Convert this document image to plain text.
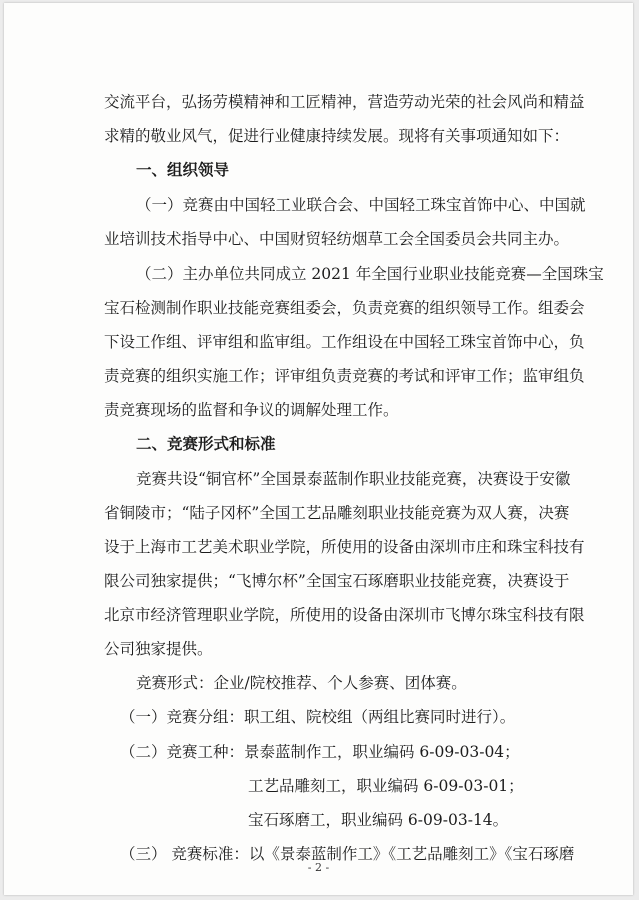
交流平台，弘扬劳模精神和工匠精神，营造劳动光荣的社会风尚和精益
求精的敬业风气，促进行业健康持续发展。现将有关事项通知如下：
一、组织领导
（一）竞赛由中国轻工业联合会、中国轻工珠宝首饰中心、中国就
业培训技术指导中心、中国财贸轻纺烟草工会全国委员会共同主办。
（二）主办单位共同成立 2021 年全国行业职业技能竞赛—全国珠宝
宝石检测制作职业技能竞赛组委会，负责竞赛的组织领导工作。组委会
下设工作组、评审组和监审组。工作组设在中国轻工珠宝首饰中心，负
责竞赛的组织实施工作；评审组负责竞赛的考试和评审工作；监审组负
责竞赛现场的监督和争议的调解处理工作。
二、竞赛形式和标准
竞赛共设“铜官杯”全国景泰蓝制作职业技能竞赛，决赛设于安徽
省铜陵市；“陆子冈杯”全国工艺品雕刻职业技能竞赛为双人赛，决赛
设于上海市工艺美术职业学院，所使用的设备由深圳市庄和珠宝科技有
限公司独家提供；“飞博尔杯”全国宝石琢磨职业技能竞赛，决赛设于
北京市经济管理职业学院，所使用的设备由深圳市飞博尔珠宝科技有限
公司独家提供。
竞赛形式：企业/院校推荐、个人参赛、团体赛。
（一）竞赛分组：职工组、院校组（两组比赛同时进行）。
（二）竞赛工种：景泰蓝制作工，职业编码 6-09-03-04；
工艺品雕刻工，职业编码 6-09-03-01；
宝石琢磨工，职业编码 6-09-03-14。
（三） 竞赛标准：以《景泰蓝制作工》《工艺品雕刻工》《宝石琢磨
- 2 -
